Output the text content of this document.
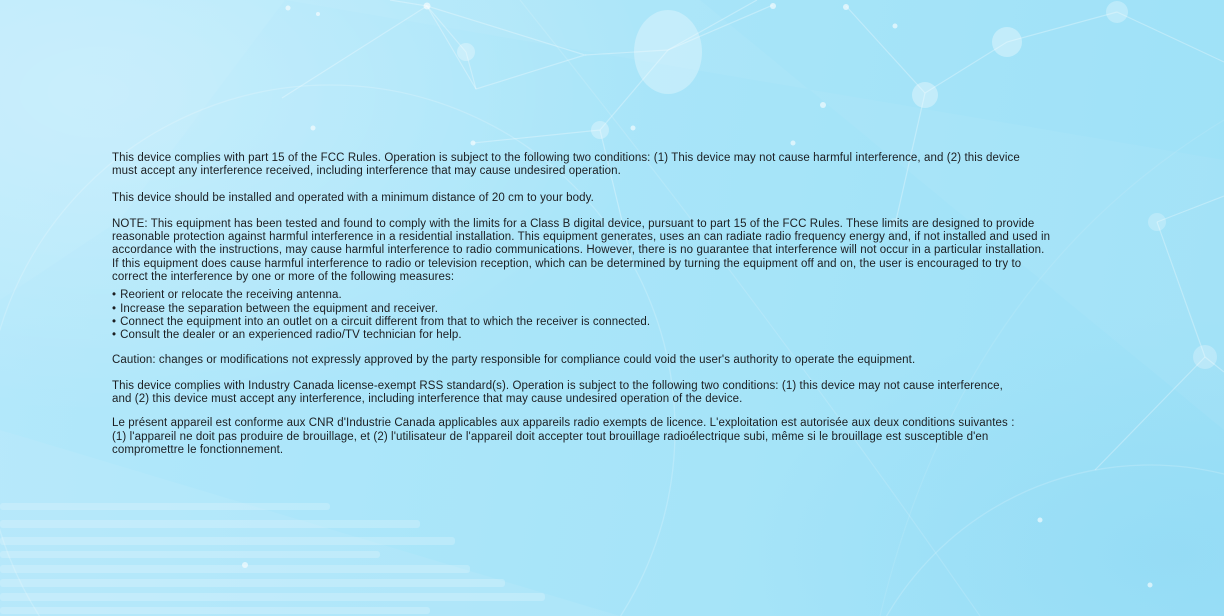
This device complies with part 15 of the FCC Rules. Operation is subject to the following two conditions: (1) This device may not cause harmful interference, and (2) this device
must accept any interference received, including interference that may cause undesired operation.
This device should be installed and operated with a minimum distance of 20 cm to your body.
NOTE: This equipment has been tested and found to comply with the limits for a Class B digital device, pursuant to part 15 of the FCC Rules. These limits are designed to provide
reasonable protection against harmful interference in a residential installation. This equipment generates, uses an can radiate radio frequency energy and, if not installed and used in
accordance with the instructions, may cause harmful interference to radio communications. However, there is no guarantee that interference will not occur in a particular installation.
If this equipment does cause harmful interference to radio or television reception, which can be determined by turning the equipment off and on, the user is encouraged to try to
correct the interference by one or more of the following measures:
• Reorient or relocate the receiving antenna.
• Increase the separation between the equipment and receiver.
• Connect the equipment into an outlet on a circuit different from that to which the receiver is connected.
• Consult the dealer or an experienced radio/TV technician for help.
Caution: changes or modifications not expressly approved by the party responsible for compliance could void the user's authority to operate the equipment.
This device complies with Industry Canada license-exempt RSS standard(s). Operation is subject to the following two conditions: (1) this device may not cause interference,
and (2) this device must accept any interference, including interference that may cause undesired operation of the device.
Le présent appareil est conforme aux CNR d'Industrie Canada applicables aux appareils radio exempts de licence. L'exploitation est autorisée aux deux conditions suivantes :
(1) l'appareil ne doit pas produire de brouillage, et (2) l'utilisateur de l'appareil doit accepter tout brouillage radioélectrique subi, même si le brouillage est susceptible d'en
compromettre le fonctionnement.
